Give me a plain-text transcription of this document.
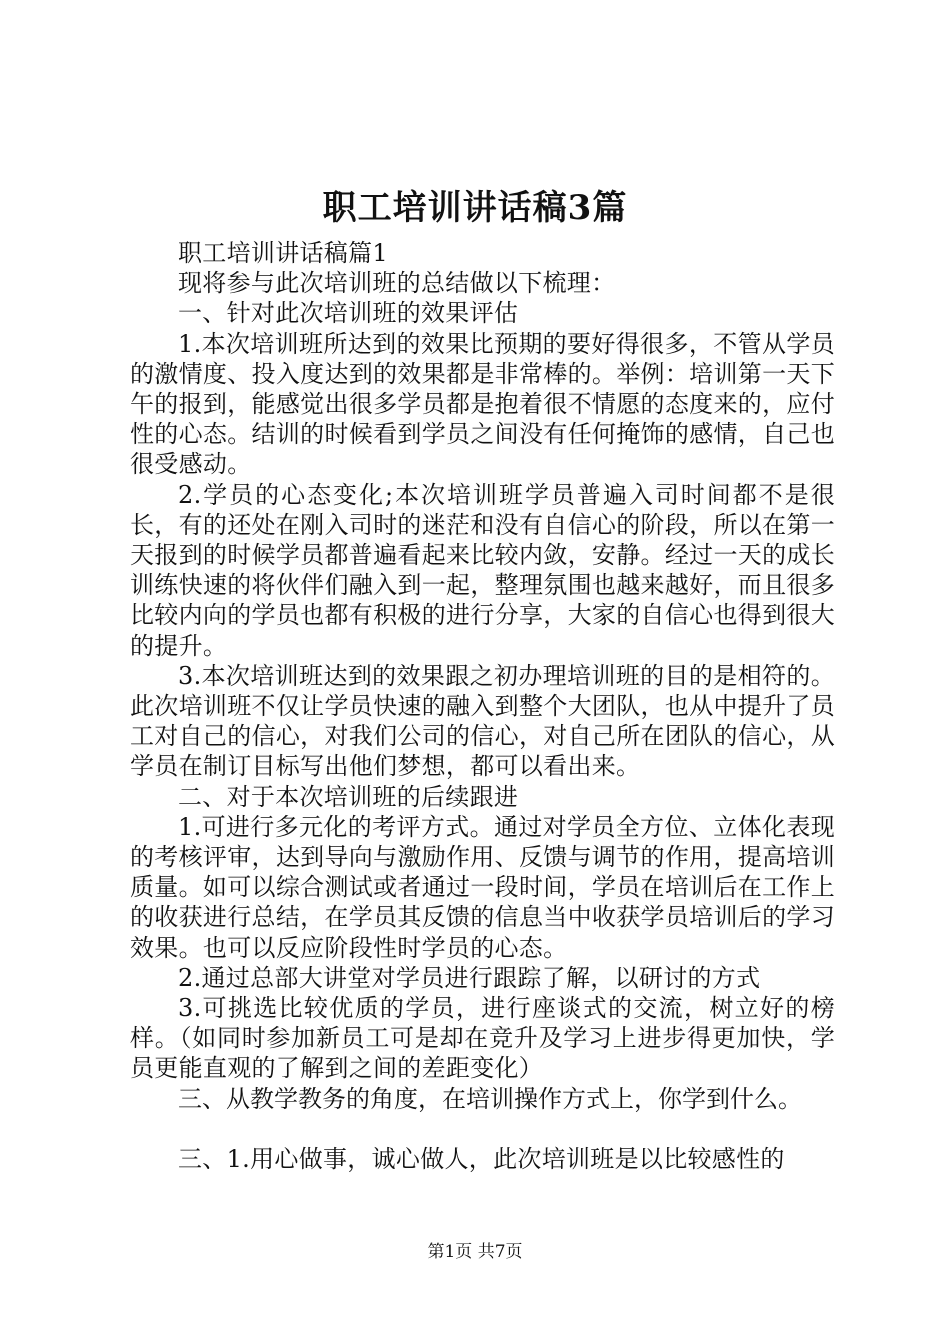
职工培训讲话稿3篇

职工培训讲话稿篇1

现将参与此次培训班的总结做以下梳理：

一、针对此次培训班的效果评估

1.本次培训班所达到的效果比预期的要好得很多，不管从学员的激情度、投入度达到的效果都是非常棒的。举例：培训第一天下午的报到，能感觉出很多学员都是抱着很不情愿的态度来的，应付性的心态。结训的时候看到学员之间没有任何掩饰的感情，自己也很受感动。

2.学员的心态变化;本次培训班学员普遍入司时间都不是很长，有的还处在刚入司时的迷茫和没有自信心的阶段，所以在第一天报到的时候学员都普遍看起来比较内敛，安静。经过一天的成长训练快速的将伙伴们融入到一起，整理氛围也越来越好，而且很多比较内向的学员也都有积极的进行分享，大家的自信心也得到很大的提升。

3.本次培训班达到的效果跟之初办理培训班的目的是相符的。此次培训班不仅让学员快速的融入到整个大团队，也从中提升了员工对自己的信心，对我们公司的信心，对自己所在团队的信心，从学员在制订目标写出他们梦想，都可以看出来。

二、对于本次培训班的后续跟进

1.可进行多元化的考评方式。通过对学员全方位、立体化表现的考核评审，达到导向与激励作用、反馈与调节的作用，提高培训质量。如可以综合测试或者通过一段时间，学员在培训后在工作上的收获进行总结，在学员其反馈的信息当中收获学员培训后的学习效果。也可以反应阶段性时学员的心态。

2.通过总部大讲堂对学员进行跟踪了解，以研讨的方式

3.可挑选比较优质的学员，进行座谈式的交流，树立好的榜样。（如同时参加新员工可是却在竞升及学习上进步得更加快，学员更能直观的了解到之间的差距变化）

三、从教学教务的角度，在培训操作方式上，你学到什么。

三、1.用心做事，诚心做人，此次培训班是以比较感性的

第1页 共7页
